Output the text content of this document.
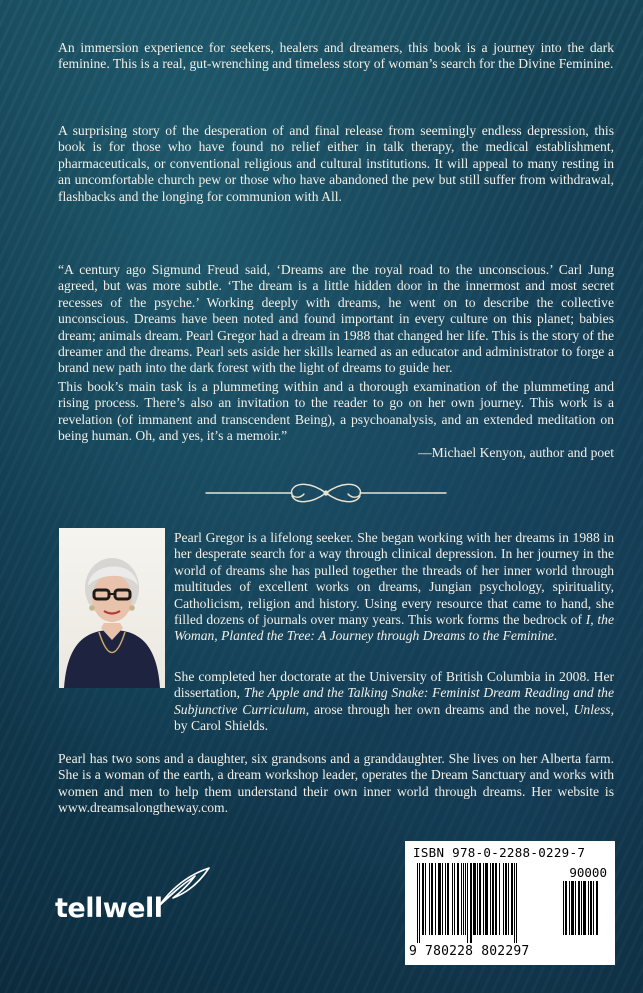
An immersion experience for seekers, healers and dreamers, this book is a journey into the dark feminine. This is a real, gut-wrenching and timeless story of woman’s search for the Divine Feminine.

A surprising story of the desperation of and final release from seemingly endless depression, this book is for those who have found no relief either in talk therapy, the medical establishment, pharmaceuticals, or conventional religious and cultural institutions. It will appeal to many resting in an uncomfortable church pew or those who have abandoned the pew but still suffer from withdrawal, flashbacks and the longing for communion with All.

“A century ago Sigmund Freud said, ‘Dreams are the royal road to the unconscious.’ Carl Jung agreed, but was more subtle. ‘The dream is a little hidden door in the innermost and most secret recesses of the psyche.’ Working deeply with dreams, he went on to describe the collective unconscious. Dreams have been noted and found important in every culture on this planet; babies dream; animals dream. Pearl Gregor had a dream in 1988 that changed her life. This is the story of the dreamer and the dreams. Pearl sets aside her skills learned as an educator and administrator to forge a brand new path into the dark forest with the light of dreams to guide her.

This book’s main task is a plummeting within and a thorough examination of the plummeting and rising process. There’s also an invitation to the reader to go on her own journey. This work is a revelation (of immanent and transcendent Being), a psychoanalysis, and an extended meditation on being human. Oh, and yes, it’s a memoir.”

—Michael Kenyon, author and poet

Pearl Gregor is a lifelong seeker. She began working with her dreams in 1988 in her desperate search for a way through clinical depression. In her journey in the world of dreams she has pulled together the threads of her inner world through multitudes of excellent works on dreams, Jungian psychology, spirituality, Catholicism, religion and history. Using every resource that came to hand, she filled dozens of journals over many years. This work forms the bedrock of I, the Woman, Planted the Tree: A Journey through Dreams to the Feminine.

She completed her doctorate at the University of British Columbia in 2008. Her dissertation, The Apple and the Talking Snake: Feminist Dream Reading and the Subjunctive Curriculum, arose through her own dreams and the novel, Unless, by Carol Shields.

Pearl has two sons and a daughter, six grandsons and a granddaughter. She lives on her Alberta farm. She is a woman of the earth, a dream workshop leader, operates the Dream Sanctuary and works with women and men to help them understand their own inner world through dreams. Her website is www.dreamsalongtheway.com.

tellwell
ISBN 978-0-2288-0229-7
90000
9 780228 802297
